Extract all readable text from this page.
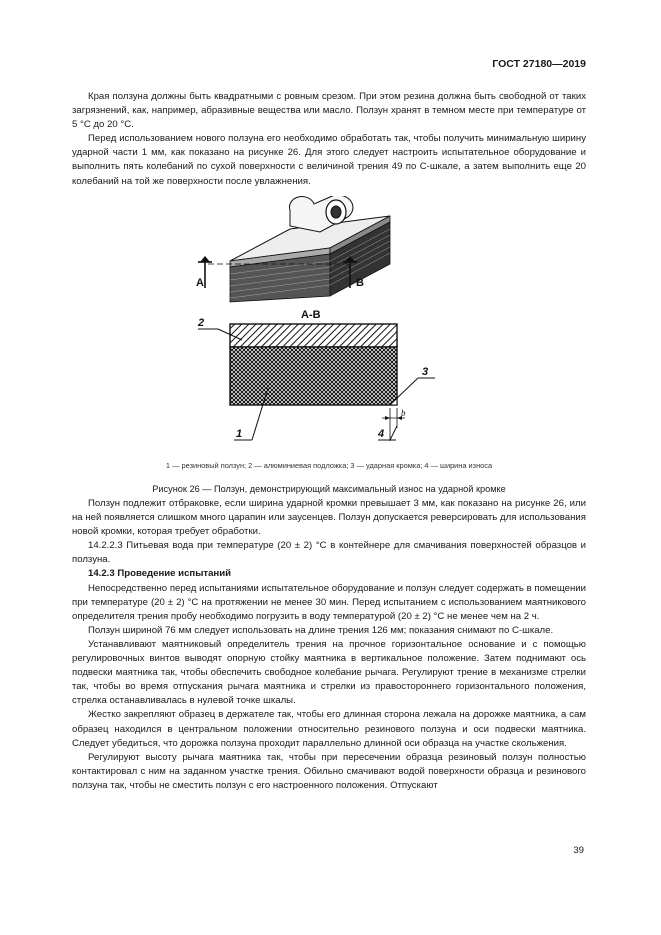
ГОСТ 27180—2019

Края ползуна должны быть квадратными с ровным срезом. При этом резина должна быть свободной от таких загрязнений, как, например, абразивные вещества или масло. Ползун хранят в темном месте при температуре от 5 °С до 20 °С.

Перед использованием нового ползуна его необходимо обработать так, чтобы получить минимальную ширину ударной части 1 мм, как показано на рисунке 26. Для этого следует настроить испытательное оборудование и выполнить пять колебаний по сухой поверхности с величиной трения 49 по С-шкале, а затем выполнить еще 20 колебаний на той же поверхности после увлажнения.

А	В
А-В
2
3
1
b
4
1 — резиновый ползун; 2 — алюминиевая подложка; 3 — ударная кромка; 4 — ширина износа
Рисунок 26 — Ползун, демонстрирующий максимальный износ на ударной кромке

Ползун подлежит отбраковке, если ширина ударной кромки превышает 3 мм, как показано на рисунке 26, или на ней появляется слишком много царапин или заусенцев. Ползун допускается реверсировать для использования новой кромки, которая требует обработки.

14.2.2.3 Питьевая вода при температуре (20 ± 2) °С в контейнере для смачивания поверхностей образцов и ползуна.

14.2.3 Проведение испытаний

Непосредственно перед испытаниями испытательное оборудование и ползун следует содержать в помещении при температуре (20 ± 2) °С на протяжении не менее 30 мин. Перед испытанием с использованием маятникового определителя трения пробу необходимо погрузить в воду температурой (20 ± 2) °С не менее чем на 2 ч.

Ползун шириной 76 мм следует использовать на длине трения 126 мм; показания снимают по С-шкале.

Устанавливают маятниковый определитель трения на прочное горизонтальное основание и с помощью регулировочных винтов выводят опорную стойку маятника в вертикальное положение. Затем поднимают ось подвески маятника так, чтобы обеспечить свободное колебание рычага. Регулируют трение в механизме стрелки так, чтобы во время отпускания рычага маятника и стрелки из правостороннего горизонтального положения, стрелка останавливалась в нулевой точке шкалы.

Жестко закрепляют образец в держателе так, чтобы его длинная сторона лежала на дорожке маятника, а сам образец находился в центральном положении относительно резинового ползуна и оси подвески маятника. Следует убедиться, что дорожка ползуна проходит параллельно длинной оси образца на участке скольжения.

Регулируют высоту рычага маятника так, чтобы при пересечении образца резиновый ползун полностью контактировал с ним на заданном участке трения. Обильно смачивают водой поверхности образца и резинового ползуна так, чтобы не сместить ползун с его настроенного положения. Отпускают

39
